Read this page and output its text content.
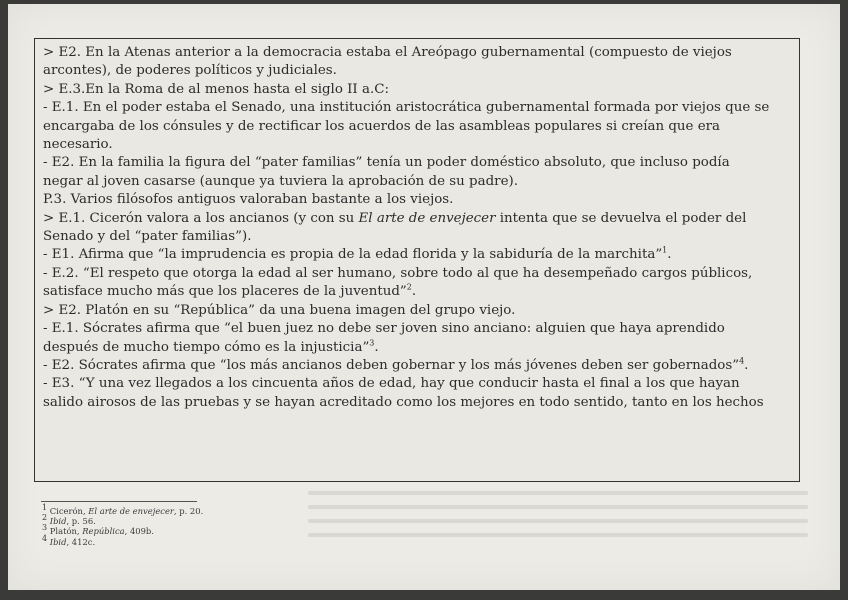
> E2. En la Atenas anterior a la democracia estaba el Areópago gubernamental (compuesto de viejos
arcontes), de poderes políticos y judiciales.
> E.3.En la Roma de al menos hasta el siglo II a.C:
- E.1. En el poder estaba el Senado, una institución aristocrática gubernamental formada por viejos que se
encargaba de los cónsules y de rectificar los acuerdos de las asambleas populares si creían que era
necesario.
- E2. En la familia la figura del “pater familias” tenía un poder doméstico absoluto, que incluso podía
negar al joven casarse (aunque ya tuviera la aprobación de su padre).
P.3. Varios filósofos antiguos valoraban bastante a los viejos.
> E.1. Cicerón valora a los ancianos (y con su El arte de envejecer intenta que se devuelva el poder del
Senado y del “pater familias”).
- E1. Afirma que “la imprudencia es propia de la edad florida y la sabiduría de la marchita”$^1$.
- E.2. “El respeto que otorga la edad al ser humano, sobre todo al que ha desempeñado cargos públicos,
satisface mucho más que los placeres de la juventud”$^2$.
> E2. Platón en su “República” da una buena imagen del grupo viejo.
- E.1. Sócrates afirma que “el buen juez no debe ser joven sino anciano: alguien que haya aprendido
después de mucho tiempo cómo es la injusticia”$^3$.
- E2. Sócrates afirma que “los más ancianos deben gobernar y los más jóvenes deben ser gobernados”$^4$.
- E3. “Y una vez llegados a los cincuenta años de edad, hay que conducir hasta el final a los que hayan
salido airosos de las pruebas y se hayan acreditado como los mejores en todo sentido, tanto en los hechos
$^1$ Cicerón, El arte de envejecer, p. 20.
$^2$ Ibid, p. 56.
$^3$ Platón, República, 409b.
$^4$ Ibid, 412c.
